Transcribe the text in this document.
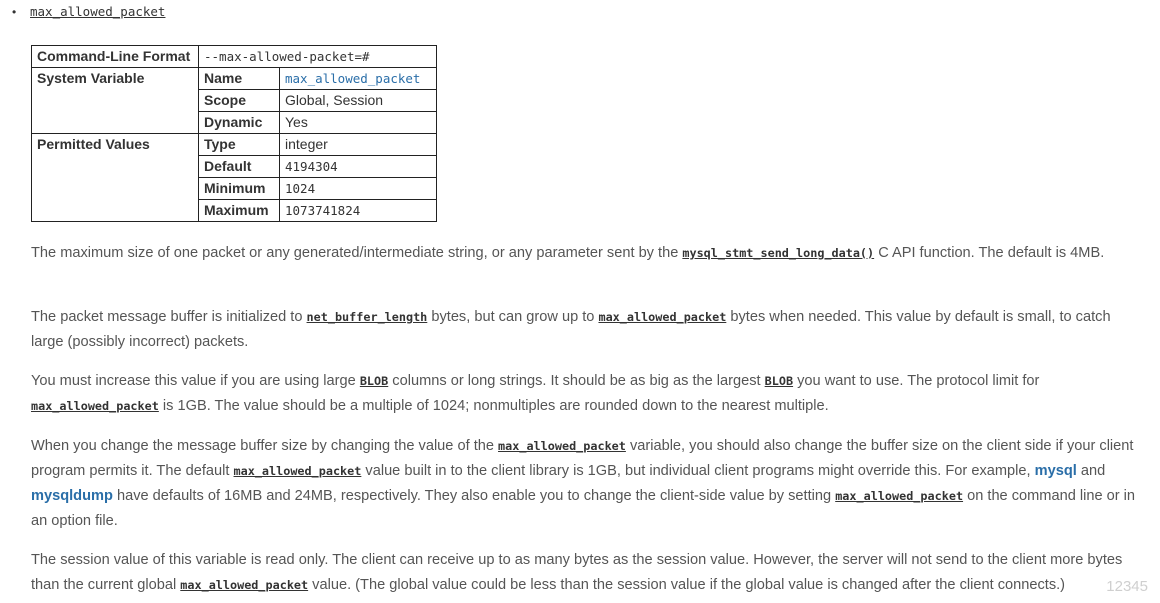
• max_allowed_packet
Command-Line Format	--max-allowed-packet=#	
System Variable	Name	max_allowed_packet
	Scope	Global, Session
	Dynamic	Yes
Permitted Values	Type	integer
	Default	4194304
	Minimum	1024
	Maximum	1073741824

The maximum size of one packet or any generated/intermediate string, or any parameter sent by the mysql_stmt_send_long_data() C API function. The default is 4MB.

The packet message buffer is initialized to net_buffer_length bytes, but can grow up to max_allowed_packet bytes when needed. This value by default is small, to catch large (possibly incorrect) packets.

You must increase this value if you are using large BLOB columns or long strings. It should be as big as the largest BLOB you want to use. The protocol limit for max_allowed_packet is 1GB. The value should be a multiple of 1024; nonmultiples are rounded down to the nearest multiple.

When you change the message buffer size by changing the value of the max_allowed_packet variable, you should also change the buffer size on the client side if your client program permits it. The default max_allowed_packet value built in to the client library is 1GB, but individual client programs might override this. For example, mysql and mysqldump have defaults of 16MB and 24MB, respectively. They also enable you to change the client-side value by setting max_allowed_packet on the command line or in an option file.

The session value of this variable is read only. The client can receive up to as many bytes as the session value. However, the server will not send to the client more bytes than the current global max_allowed_packet value. (The global value could be less than the session value if the global value is changed after the client connects.)	12345
